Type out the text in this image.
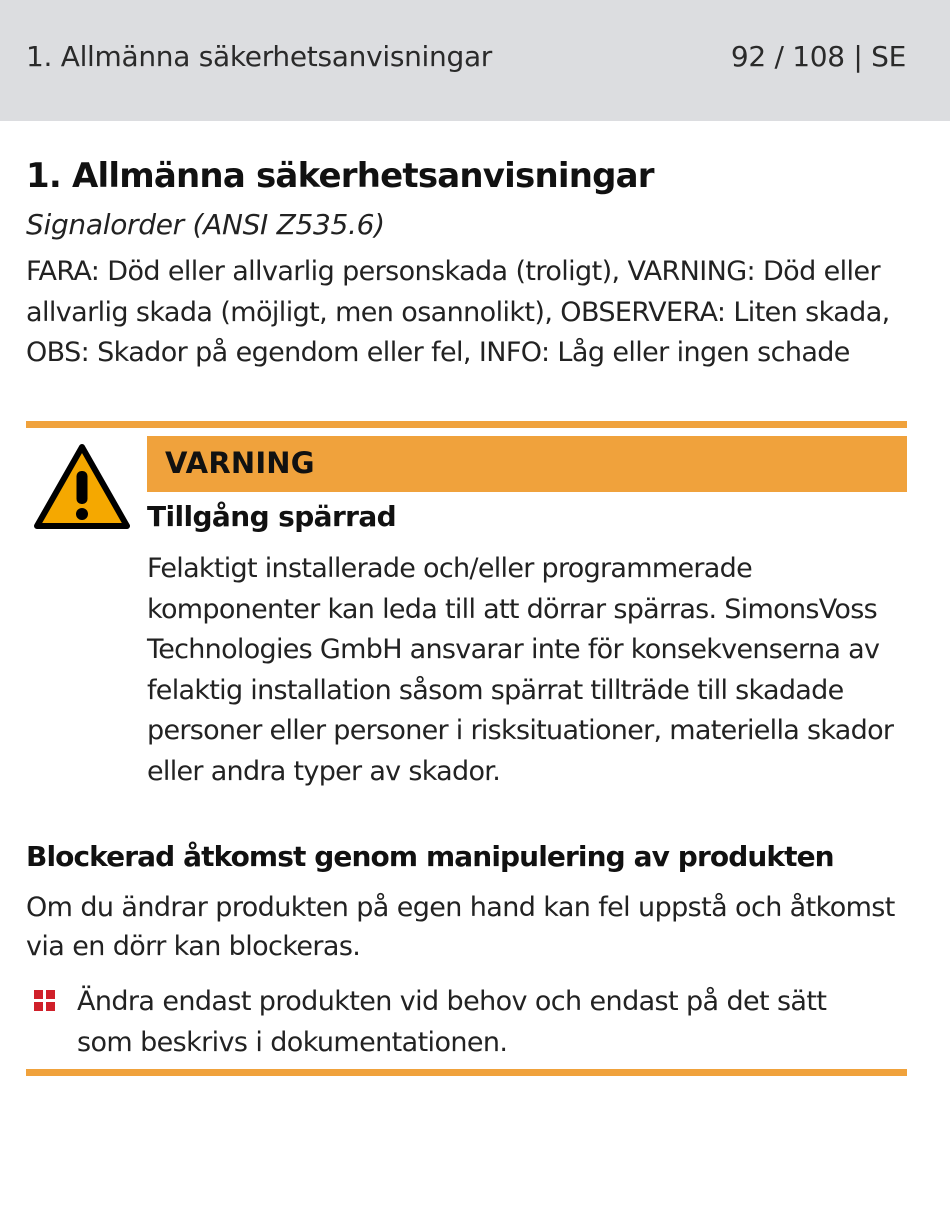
1. Allmänna säkerhetsanvisningar	92 / 108 | SE
1. Allmänna säkerhetsanvisningar
Signalorder (ANSI Z535.6)
FARA: Död eller allvarlig personskada (troligt), VARNING: Död eller allvarlig skada (möjligt, men osannolikt), OBSERVERA: Liten skada, OBS: Skador på egendom eller fel, INFO: Låg eller ingen schade
VARNING
Tillgång spärrad
Felaktigt installerade och/eller programmerade komponenter kan leda till att dörrar spärras. SimonsVoss Technologies GmbH ansvarar inte för konsekvenserna av felaktig installation såsom spärrat tillträde till skadade personer eller personer i risksituationer, materiella skador eller andra typer av skador.
Blockerad åtkomst genom manipulering av produkten
Om du ändrar produkten på egen hand kan fel uppstå och åtkomst via en dörr kan blockeras.
Ändra endast produkten vid behov och endast på det sätt som beskrivs i dokumentationen.
